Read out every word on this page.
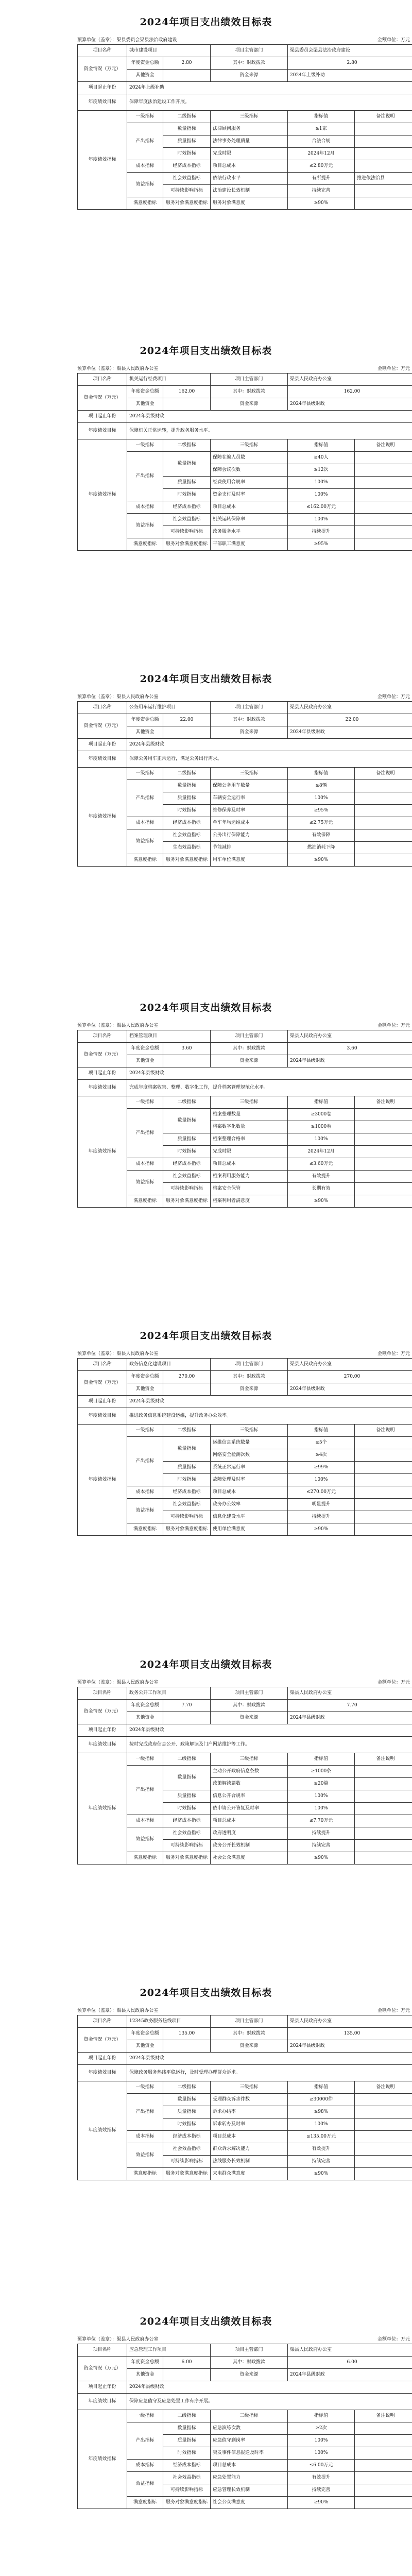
2024年项目支出绩效目标表
预算单位（盖章）：渠县委员会渠县法治政府建设	金额单位：万元
项目名称	城市建设项目		项目主管部门	渠县委员会渠县法治政府建设	
资金情况（万元）	年度资金总额	2.80	其中：财政拨款	2.80	
	其他资金		资金来源	2024年上级补助	
项目起止年份	2024年上级补助				
年度绩效目标	保障年度法治建设工作开展。				
年度绩效指标	一级指标	二级指标	三级指标	指标值	备注说明
	产出指标	数量指标	法律顾问服务	≥1家	
		质量指标	法律事务处理质量	合法合规	
		时效指标	完成时限	2024年12月	
	成本指标	经济成本指标	项目总成本	≤2.80万元	
	效益指标	社会效益指标	依法行政水平	有所提升	推进依法治县
		可持续影响指标	法治建设长效机制	持续完善	
	满意度指标	服务对象满意度指标	服务对象满意度	≥90%	
2024年项目支出绩效目标表
预算单位（盖章）：渠县人民政府办公室	金额单位：万元
项目名称	机关运行经费项目		项目主管部门	渠县人民政府办公室	
资金情况（万元）	年度资金总额	162.00	其中：财政拨款	162.00	
	其他资金		资金来源	2024年县级财政	
项目起止年份	2024年县级财政				
年度绩效目标	保障机关正常运转，提升政务服务水平。				
年度绩效指标	一级指标	二级指标	三级指标	指标值	备注说明
	产出指标	数量指标	保障在编人员数	≥40人	
			保障会议次数	≥12次	
		质量指标	经费使用合规率	100%	
		时效指标	资金支付及时率	100%	
	成本指标	经济成本指标	项目总成本	≤162.00万元	
	效益指标	社会效益指标	机关运转保障率	100%	
		可持续影响指标	政务服务水平	持续提升	
	满意度指标	服务对象满意度指标	干部职工满意度	≥95%	
2024年项目支出绩效目标表
预算单位（盖章）：渠县人民政府办公室	金额单位：万元
项目名称	公务用车运行维护项目		项目主管部门	渠县人民政府办公室	
资金情况（万元）	年度资金总额	22.00	其中：财政拨款	22.00	
	其他资金		资金来源	2024年县级财政	
项目起止年份	2024年县级财政				
年度绩效目标	保障公务用车正常运行，满足公务出行需求。				
年度绩效指标	一级指标	二级指标	三级指标	指标值	备注说明
	产出指标	数量指标	保障公务用车数量	≥8辆	
		质量指标	车辆安全运行率	100%	
		时效指标	维修保养及时率	≥95%	
	成本指标	经济成本指标	单车年均运维成本	≤2.75万元	
	效益指标	社会效益指标	公务出行保障能力	有效保障	
		生态效益指标	节能减排	燃油消耗下降	
	满意度指标	服务对象满意度指标	用车单位满意度	≥90%	
2024年项目支出绩效目标表
预算单位（盖章）：渠县人民政府办公室	金额单位：万元
项目名称	档案管理项目		项目主管部门	渠县人民政府办公室	
资金情况（万元）	年度资金总额	3.60	其中：财政拨款	3.60	
	其他资金		资金来源	2024年县级财政	
项目起止年份	2024年县级财政				
年度绩效目标	完成年度档案收集、整理、数字化工作，提升档案管理规范化水平。				
年度绩效指标	一级指标	二级指标	三级指标	指标值	备注说明
	产出指标	数量指标	档案整理数量	≥3000卷	
			档案数字化数量	≥1000卷	
		质量指标	档案整理合格率	100%	
		时效指标	完成时限	2024年12月	
	成本指标	经济成本指标	项目总成本	≤3.60万元	
	效益指标	社会效益指标	档案利用服务能力	有效提升	
		可持续影响指标	档案安全保管	长期有效	
	满意度指标	服务对象满意度指标	档案利用者满意度	≥90%	
2024年项目支出绩效目标表
预算单位（盖章）：渠县人民政府办公室	金额单位：万元
项目名称	政务信息化建设项目		项目主管部门	渠县人民政府办公室	
资金情况（万元）	年度资金总额	270.00	其中：财政拨款	270.00	
	其他资金		资金来源	2024年县级财政	
项目起止年份	2024年县级财政				
年度绩效目标	推进政务信息系统建设运维，提升政务办公效率。				
年度绩效指标	一级指标	二级指标	三级指标	指标值	备注说明
	产出指标	数量指标	运维信息系统数量	≥5个	
			网络安全检测次数	≥4次	
		质量指标	系统正常运行率	≥99%	
		时效指标	故障处理及时率	100%	
	成本指标	经济成本指标	项目总成本	≤270.00万元	
	效益指标	社会效益指标	政务办公效率	明显提升	
		可持续影响指标	信息化建设水平	持续提升	
	满意度指标	服务对象满意度指标	使用单位满意度	≥90%	
2024年项目支出绩效目标表
预算单位（盖章）：渠县人民政府办公室	金额单位：万元
项目名称	政务公开工作项目		项目主管部门	渠县人民政府办公室	
资金情况（万元）	年度资金总额	7.70	其中：财政拨款	7.70	
	其他资金		资金来源	2024年县级财政	
项目起止年份	2024年县级财政				
年度绩效目标	按时完成政府信息公开、政策解读及门户网站维护等工作。				
年度绩效指标	一级指标	二级指标	三级指标	指标值	备注说明
	产出指标	数量指标	主动公开政府信息条数	≥1000条	
			政策解读篇数	≥20篇	
		质量指标	信息公开合规率	100%	
		时效指标	依申请公开答复及时率	100%	
	成本指标	经济成本指标	项目总成本	≤7.70万元	
	效益指标	社会效益指标	政府透明度	持续提升	
		可持续影响指标	政务公开长效机制	持续完善	
	满意度指标	服务对象满意度指标	社会公众满意度	≥90%	
2024年项目支出绩效目标表
预算单位（盖章）：渠县人民政府办公室	金额单位：万元
项目名称	12345政务服务热线项目		项目主管部门	渠县人民政府办公室	
资金情况（万元）	年度资金总额	135.00	其中：财政拨款	135.00	
	其他资金		资金来源	2024年县级财政	
项目起止年份	2024年县级财政				
年度绩效目标	保障政务服务热线平稳运行，及时受理办理群众诉求。				
年度绩效指标	一级指标	二级指标	三级指标	指标值	备注说明
	产出指标	数量指标	受理群众诉求件数	≥30000件	
		质量指标	诉求办结率	≥98%	
		时效指标	诉求转办及时率	100%	
	成本指标	经济成本指标	项目总成本	≤135.00万元	
	效益指标	社会效益指标	群众诉求解决能力	有效提升	
		可持续影响指标	热线服务长效机制	持续完善	
	满意度指标	服务对象满意度指标	来电群众满意度	≥90%	
2024年项目支出绩效目标表
预算单位（盖章）：渠县人民政府办公室	金额单位：万元
项目名称	应急管理工作项目		项目主管部门	渠县人民政府办公室	
资金情况（万元）	年度资金总额	6.00	其中：财政拨款	6.00	
	其他资金		资金来源	2024年县级财政	
项目起止年份	2024年县级财政				
年度绩效目标	保障应急值守及应急处置工作有序开展。				
年度绩效指标	一级指标	二级指标	三级指标	指标值	备注说明
	产出指标	数量指标	应急演练次数	≥2次	
		质量指标	应急值守到岗率	100%	
		时效指标	突发事件信息报送及时率	100%	
	成本指标	经济成本指标	项目总成本	≤6.00万元	
	效益指标	社会效益指标	应急处置能力	有效提升	
		可持续影响指标	应急管理长效机制	持续完善	
	满意度指标	服务对象满意度指标	社会公众满意度	≥90%	
